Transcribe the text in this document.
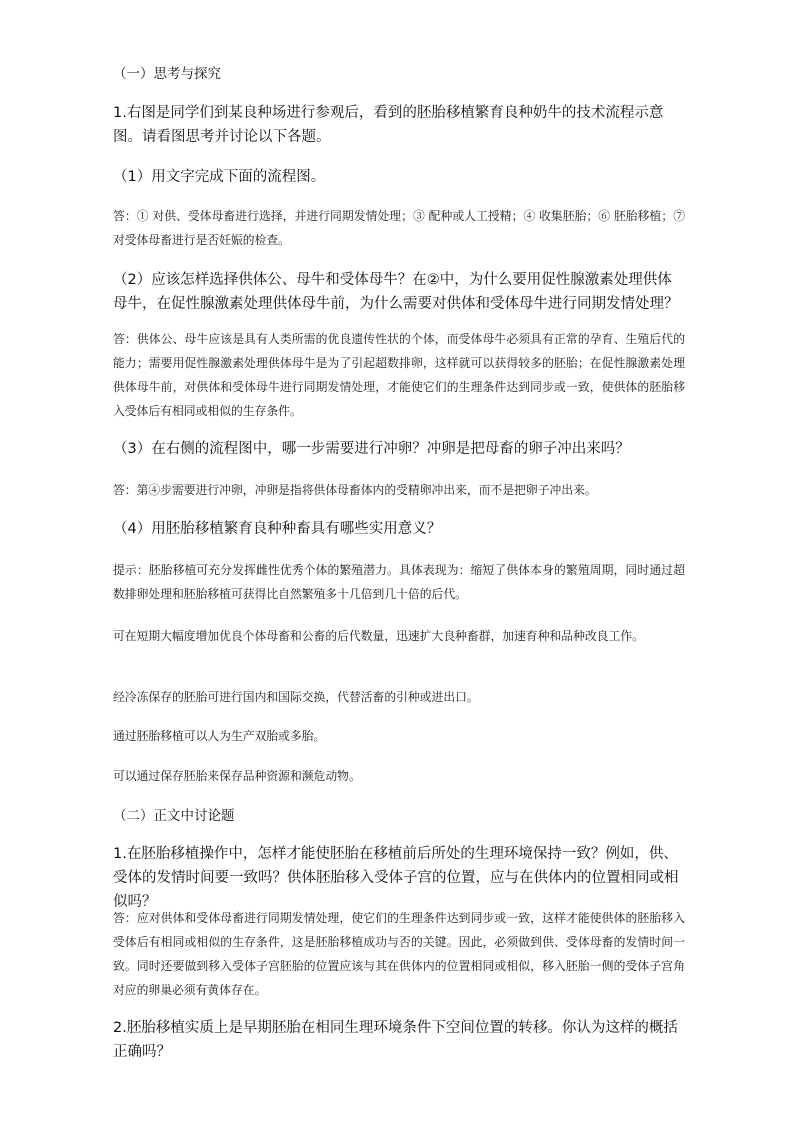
（一）思考与探究

1.右图是同学们到某良种场进行参观后，看到的胚胎移植繁育良种奶牛的技术流程示意图。请看图思考并讨论以下各题。

（1）用文字完成下面的流程图。

答：① 对供、受体母畜进行选择，并进行同期发情处理；③ 配种或人工授精；④ 收集胚胎；⑥ 胚胎移植；⑦ 对受体母畜进行是否妊娠的检查。

（2）应该怎样选择供体公、母牛和受体母牛？在②中，为什么要用促性腺激素处理供体母牛，在促性腺激素处理供体母牛前，为什么需要对供体和受体母牛进行同期发情处理？

答：供体公、母牛应该是具有人类所需的优良遗传性状的个体，而受体母牛必须具有正常的孕育、生殖后代的能力；需要用促性腺激素处理供体母牛是为了引起超数排卵，这样就可以获得较多的胚胎；在促性腺激素处理供体母牛前，对供体和受体母牛进行同期发情处理，才能使它们的生理条件达到同步或一致，使供体的胚胎移入受体后有相同或相似的生存条件。

（3）在右侧的流程图中，哪一步需要进行冲卵？冲卵是把母畜的卵子冲出来吗？

答：第④步需要进行冲卵，冲卵是指将供体母畜体内的受精卵冲出来，而不是把卵子冲出来。

（4）用胚胎移植繁育良种种畜具有哪些实用意义？

提示：胚胎移植可充分发挥雌性优秀个体的繁殖潜力。具体表现为：缩短了供体本身的繁殖周期，同时通过超数排卵处理和胚胎移植可获得比自然繁殖多十几倍到几十倍的后代。

可在短期大幅度增加优良个体母畜和公畜的后代数量，迅速扩大良种畜群，加速育种和品种改良工作。

经冷冻保存的胚胎可进行国内和国际交换，代替活畜的引种或进出口。

通过胚胎移植可以人为生产双胎或多胎。

可以通过保存胚胎来保存品种资源和濒危动物。

（二）正文中讨论题

1.在胚胎移植操作中，怎样才能使胚胎在移植前后所处的生理环境保持一致？例如，供、受体的发情时间要一致吗？供体胚胎移入受体子宫的位置，应与在供体内的位置相同或相似吗？

答：应对供体和受体母畜进行同期发情处理，使它们的生理条件达到同步或一致，这样才能使供体的胚胎移入受体后有相同或相似的生存条件，这是胚胎移植成功与否的关键。因此，必须做到供、受体母畜的发情时间一致。同时还要做到移入受体子宫胚胎的位置应该与其在供体内的位置相同或相似，移入胚胎一侧的受体子宫角对应的卵巢必须有黄体存在。

2.胚胎移植实质上是早期胚胎在相同生理环境条件下空间位置的转移。你认为这样的概括正确吗？
